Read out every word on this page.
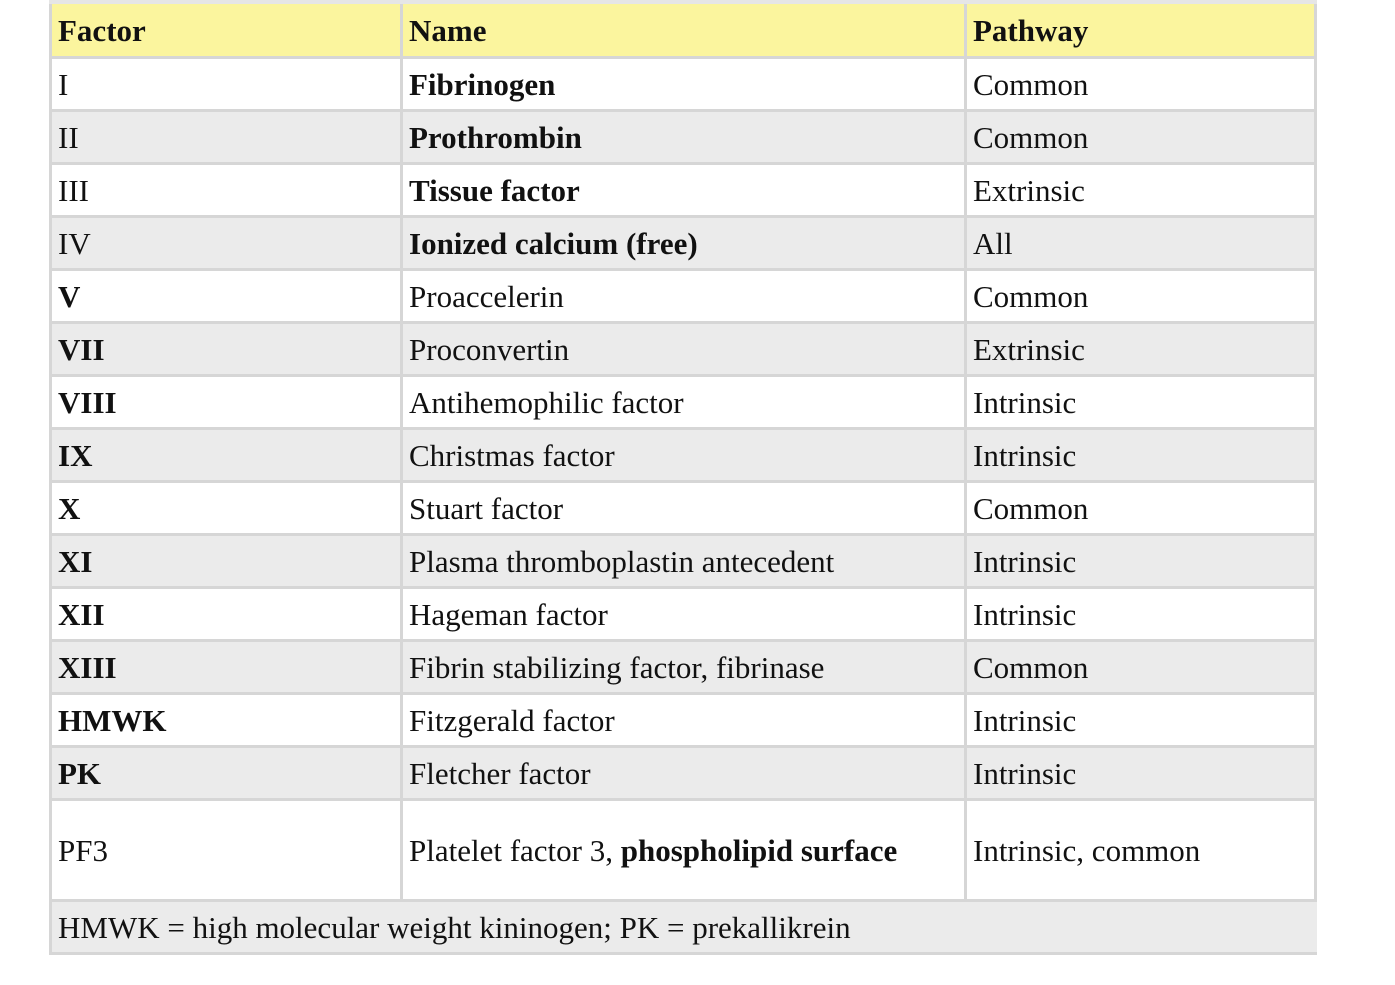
Factor	Name	Pathway
I	Fibrinogen	Common
II	Prothrombin	Common
III	Tissue factor	Extrinsic
IV	Ionized calcium (free)	All
V	Proaccelerin	Common
VII	Proconvertin	Extrinsic
VIII	Antihemophilic factor	Intrinsic
IX	Christmas factor	Intrinsic
X	Stuart factor	Common
XI	Plasma thromboplastin antecedent	Intrinsic
XII	Hageman factor	Intrinsic
XIII	Fibrin stabilizing factor, fibrinase	Common
HMWK	Fitzgerald factor	Intrinsic
PK	Fletcher factor	Intrinsic
PF3	Platelet factor 3, phospholipid surface	Intrinsic, common
HMWK = high molecular weight kininogen; PK = prekallikrein		
